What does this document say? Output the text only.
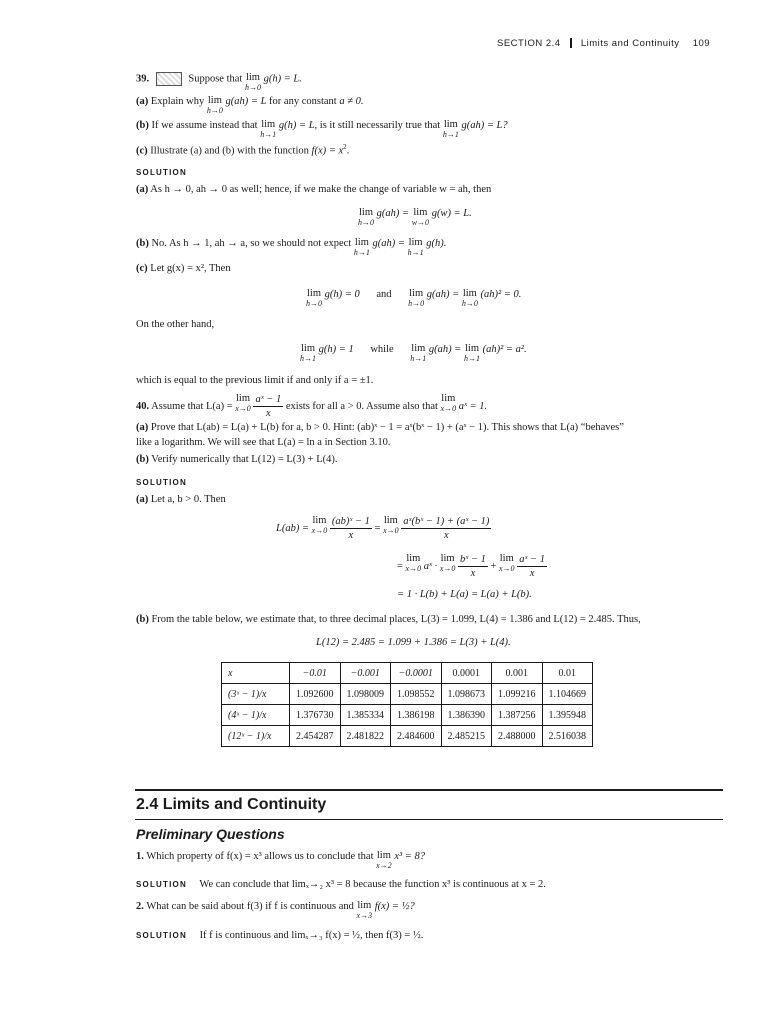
SECTION 2.4 Limits and Continuity 109
39.	Suppose that lim
h→0
g(h) = L.
(a) Explain why lim
h→0
g(ah) = L for any constant a ≠ 0.
(b) If we assume instead that lim
h→1
g(h) = L, is it still necessarily true that lim
h→1
g(ah) = L?
(c) Illustrate (a) and (b) with the function $f(x) = x^2$.
SOLUTION
(a) As h → 0, ah → 0 as well; hence, if we make the change of variable w = ah, then
lim
h→0
g(ah) = lim
w→0
g(w) = L.
(b) No. As h → 1, ah → a, so we should not expect lim
h→1
g(ah) = lim
h→1
g(h).
(c) Let g(x) = x², Then
lim
h→0
g(h) = 0 and lim
h→0
g(ah) = lim
h→0
(ah)² = 0.
On the other hand,
lim
h→1
g(h) = 1 while lim
h→1
g(ah) = lim
h→1
(ah)² = a².
which is equal to the previous limit if and only if a = ±1.
40. Assume that L(a) = lim
x→0
$\frac{\text{aˣ − 1}}{x}$ exists for all a > 0. Assume also that lim
x→0 aˣ = 1.
(a) Prove that L(ab) = L(a) + L(b) for a, b > 0. Hint: (ab)ˣ − 1 = aˣ(bˣ − 1) + (aˣ − 1). This shows that L(a) “behaves”
like a logarithm. We will see that L(a) = ln a in Section 3.10.
(b) Verify numerically that L(12) = L(3) + L(4).
SOLUTION
(a) Let a, b > 0. Then
L(ab) = lim
x→0
$\frac{\text{(ab)ˣ − 1}}{x} = \lim$
x→0
$\frac{\text{aˣ(bˣ − 1) + (aˣ − 1)}}{x}$
= lim
x→0 aˣ · lim
x→0
$\frac{\text{bˣ − 1}}{x} + \lim$
x→0
$\frac{\text{aˣ − 1}}{x}$
= 1 · L(b) + L(a) = L(a) + L(b).
(b) From the table below, we estimate that, to three decimal places, L(3) = 1.099, L(4) = 1.386 and L(12) = 2.485. Thus,
L(12) = 2.485 = 1.099 + 1.386 = L(3) + L(4).
x	−0.01	−0.001	−0.0001	0.0001	0.001	0.01
(3ˣ − 1)/x	1.092600	1.098009	1.098552	1.098673	1.099216	1.104669
(4ˣ − 1)/x	1.376730	1.385334	1.386198	1.386390	1.387256	1.395948
(12ˣ − 1)/x	2.454287	2.481822	2.484600	2.485215	2.488000	2.516038
2.4 Limits and Continuity
Preliminary Questions
1. Which property of f(x) = x³ allows us to conclude that lim
x→2
x³ = 8?
SOLUTION We can conclude that limₓ→₂ x³ = 8 because the function x³ is continuous at x = 2.
2. What can be said about f(3) if f is continuous and lim
x→3
f(x) = ½?
SOLUTION If f is continuous and limₓ→₃ f(x) = ½, then f(3) = ½.
